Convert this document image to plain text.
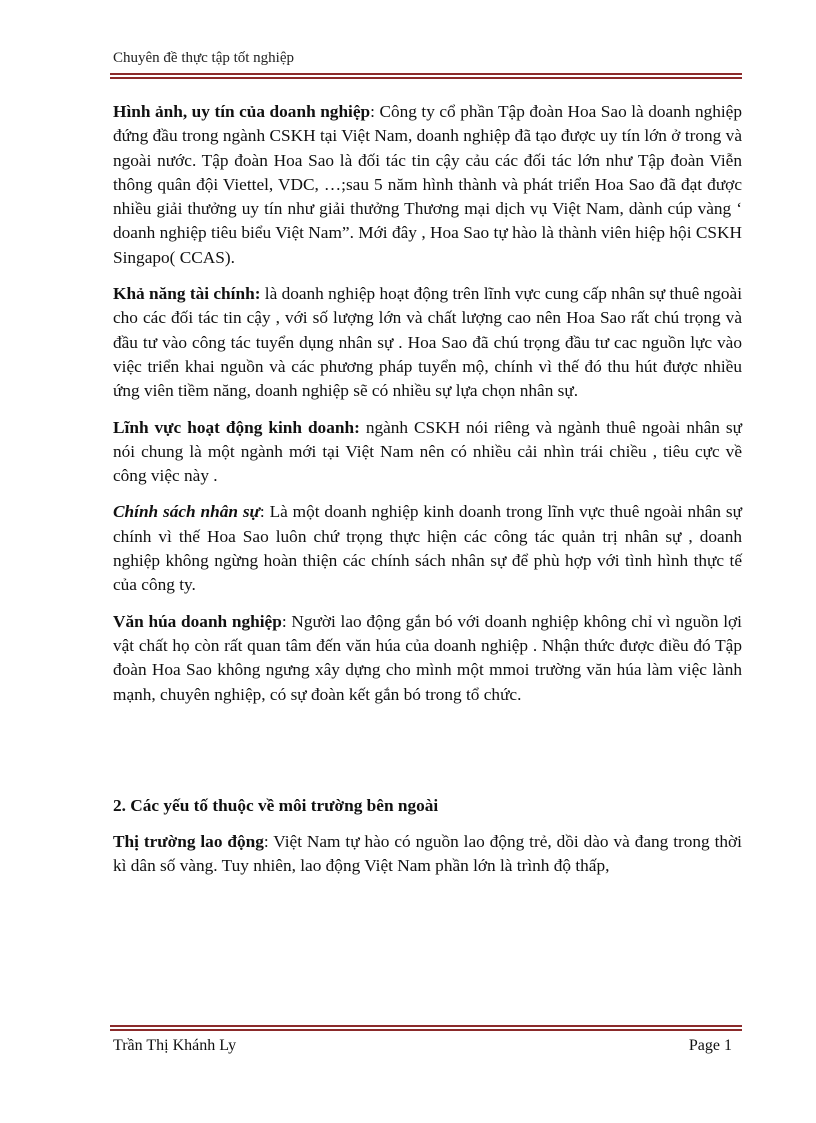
Chuyên đề thực tập tốt nghiệp

Hình ảnh, uy tín của doanh nghiệp: Công ty cổ phần Tập đoàn Hoa Sao là doanh nghiệp đứng đầu trong ngành CSKH tại Việt Nam, doanh nghiệp đã tạo được uy tín lớn ở trong và ngoài nước. Tập đoàn Hoa Sao là đối tác tin cậy cảu các đối tác lớn như Tập đoàn Viễn thông quân đội Viettel, VDC, …;sau 5 năm hình thành và phát triển Hoa Sao đã đạt được nhiều giải thưởng uy tín như giải thưởng Thương mại dịch vụ Việt Nam, dành cúp vàng ‘ doanh nghiệp tiêu biểu Việt Nam”. Mới đây , Hoa Sao tự hào là thành viên hiệp hội CSKH Singapo( CCAS).

Khả năng tài chính: là doanh nghiệp hoạt động trên lĩnh vực cung cấp nhân sự thuê ngoài cho các đối tác tin cậy , với số lượng lớn và chất lượng cao nên Hoa Sao rất chú trọng và đầu tư vào công tác tuyển dụng nhân sự . Hoa Sao đã chú trọng đầu tư cac nguồn lực vào việc triển khai nguồn và các phương pháp tuyển mộ, chính vì thế đó thu hút được nhiều ứng viên tiềm năng, doanh nghiệp sẽ có nhiều sự lựa chọn nhân sự.

Lĩnh vực hoạt động kinh doanh: ngành CSKH nói riêng và ngành thuê ngoài nhân sự nói chung là một ngành mới tại Việt Nam nên có nhiều cải nhìn trái chiều , tiêu cực về công việc này .

Chính sách nhân sự: Là một doanh nghiệp kinh doanh trong lĩnh vực thuê ngoài nhân sự chính vì thế Hoa Sao luôn chứ trọng thực hiện các công tác quản trị nhân sự , doanh nghiệp không ngừng hoàn thiện các chính sách nhân sự để phù hợp với tình hình thực tế của công ty.

Văn húa doanh nghiệp: Người lao động gắn bó với doanh nghiệp không chỉ vì nguồn lợi vật chất họ còn rất quan tâm đến văn húa của doanh nghiệp . Nhận thức được điều đó Tập đoàn Hoa Sao không ngưng xây dựng cho mình một mmoi trường văn húa làm việc lành mạnh, chuyên nghiệp, có sự đoàn kết gắn bó trong tổ chức.

2. Các yếu tố thuộc về môi trường bên ngoài

Thị trường lao động: Việt Nam tự hào có nguồn lao động trẻ, dồi dào và đang trong thời kì dân số vàng. Tuy nhiên, lao động Việt Nam phần lớn là trình độ thấp,

Trần Thị Khánh Ly	Page 1
